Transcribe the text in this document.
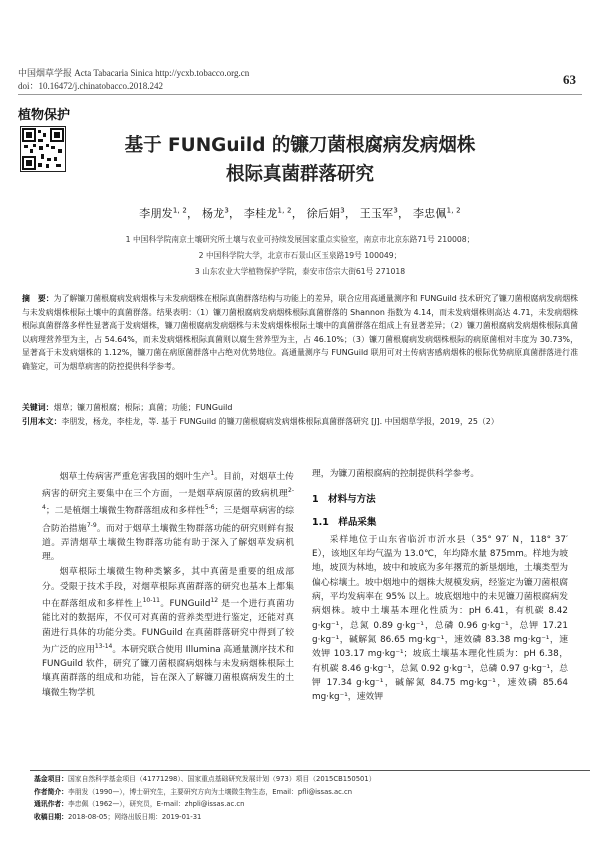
中国烟草学报 Acta Tabacaria Sinica http://ycxb.tobacco.org.cn
doi：10.16472/j.chinatobacco.2018.242	63
植物保护
基于 FUNGuild 的镰刀菌根腐病发病烟株
根际真菌群落研究
李朋发$^{1, 2}$， 杨龙$^3$， 李桂龙$^{1, 2}$， 徐后娟$^3$， 王玉军$^3$， 李忠佩$^{1, 2}$
1 中国科学院南京土壤研究所土壤与农业可持续发展国家重点实验室，南京市北京东路71号 210008；
2 中国科学院大学，北京市石景山区玉泉路19号 100049；
3 山东农业大学植物保护学院，泰安市岱宗大街61号 271018
摘　要：为了解镰刀菌根腐病发病烟株与未发病烟株在根际真菌群落结构与功能上的差异，联合应用高通量测序和 FUNGuild 技术研究了镰刀菌根腐病发病烟株与未发病烟株根际土壤中的真菌群落。结果表明：（1）镰刀菌根腐病发病烟株根际真菌群落的 Shannon 指数为 4.14，而未发病烟株则高达 4.71，未发病烟株根际真菌群落多样性显著高于发病烟株，镰刀菌根腐病发病烟株与未发病烟株根际土壤中的真菌群落在组成上有显著差异；（2）镰刀菌根腐病发病烟株根际真菌以病理营养型为主，占 54.64%，而未发病烟株根际真菌则以腐生营养型为主，占 46.10%；（3）镰刀菌根腐病发病烟株根际的病原菌相对丰度为 30.73%，显著高于未发病烟株的 1.12%，镰刀菌在病原菌群落中占绝对优势地位。高通量测序与 FUNGuild 联用可对土传病害感病烟株的根际优势病原真菌群落进行准确鉴定，可为烟草病害的防控提供科学参考。
关键词：烟草；镰刀菌根腐；根际；真菌；功能；FUNGuild
引用本文：李朋发，杨龙，李桂龙，等. 基于 FUNGuild 的镰刀菌根腐病发病烟株根际真菌群落研究 [J]. 中国烟草学报，2019，25（2）

烟草土传病害严重危害我国的烟叶生产$^1$。目前，对烟草土传病害的研究主要集中在三个方面，一是烟草病原菌的致病机理$^{2-4}$；二是植烟土壤微生物群落组成和多样性$^{5-6}$；三是烟草病害的综合防治措施$^{7-9}$。而对于烟草土壤微生物群落功能的研究则鲜有报道。弄清烟草土壤微生物群落功能有助于深入了解烟草发病机理。

烟草根际土壤微生物种类繁多，其中真菌是重要的组成部分。受限于技术手段，对烟草根际真菌群落的研究也基本上都集中在群落组成和多样性上$^{10-11}$。FUNGuild$^{12}$ 是一个进行真菌功能比对的数据库，不仅可对真菌的营养类型进行鉴定，还能对真菌进行具体的功能分类。FUNGuild 在真菌群落研究中得到了较为广泛的应用$^{13-14}$。本研究联合使用 Illumina 高通量测序技术和 FUNGuild 软件，研究了镰刀菌根腐病烟株与未发病烟株根际土壤真菌群落的组成和功能，旨在深入了解镰刀菌根腐病发生的土壤微生物学机

理，为镰刀菌根腐病的控制提供科学参考。
1　材料与方法
1.1　样品采集

采样地位于山东省临沂市沂水县（35° 97′ N，118° 37′ E），该地区年均气温为 13.0℃，年均降水量 875mm。样地为坡地，坡顶为林地，坡中和坡底为多年撂荒的新垦烟地，土壤类型为偏心棕壤土。坡中烟地中的烟株大规模发病，经鉴定为镰刀菌根腐病，平均发病率在 95% 以上。坡底烟地中的未见镰刀菌根腐病发病烟株。坡中土壤基本理化性质为：pH 6.41，有机碳 8.42 g·kg⁻¹，总氮 0.89 g·kg⁻¹，总磷 0.96 g·kg⁻¹，总钾 17.21 g·kg⁻¹，碱解氮 86.65 mg·kg⁻¹，速效磷 83.38 mg·kg⁻¹，速效钾 103.17 mg·kg⁻¹；坡底土壤基本理化性质为：pH 6.38，有机碳 8.46 g·kg⁻¹，总氮 0.92 g·kg⁻¹，总磷 0.97 g·kg⁻¹，总钾 17.34 g·kg⁻¹，碱解氮 84.75 mg·kg⁻¹，速效磷 85.64 mg·kg⁻¹，速效钾

基金项目：国家自然科学基金项目（41771298）、国家重点基础研究发展计划（973）项目（2015CB150501）
作者简介：李朋发（1990—），博士研究生，主要研究方向为土壤微生物生态，Email：pfli@issas.ac.cn
通讯作者：李忠佩（1962—），研究员，E-mail：zhpli@issas.ac.cn
收稿日期：2018-08-05；网络出版日期：2019-01-31
